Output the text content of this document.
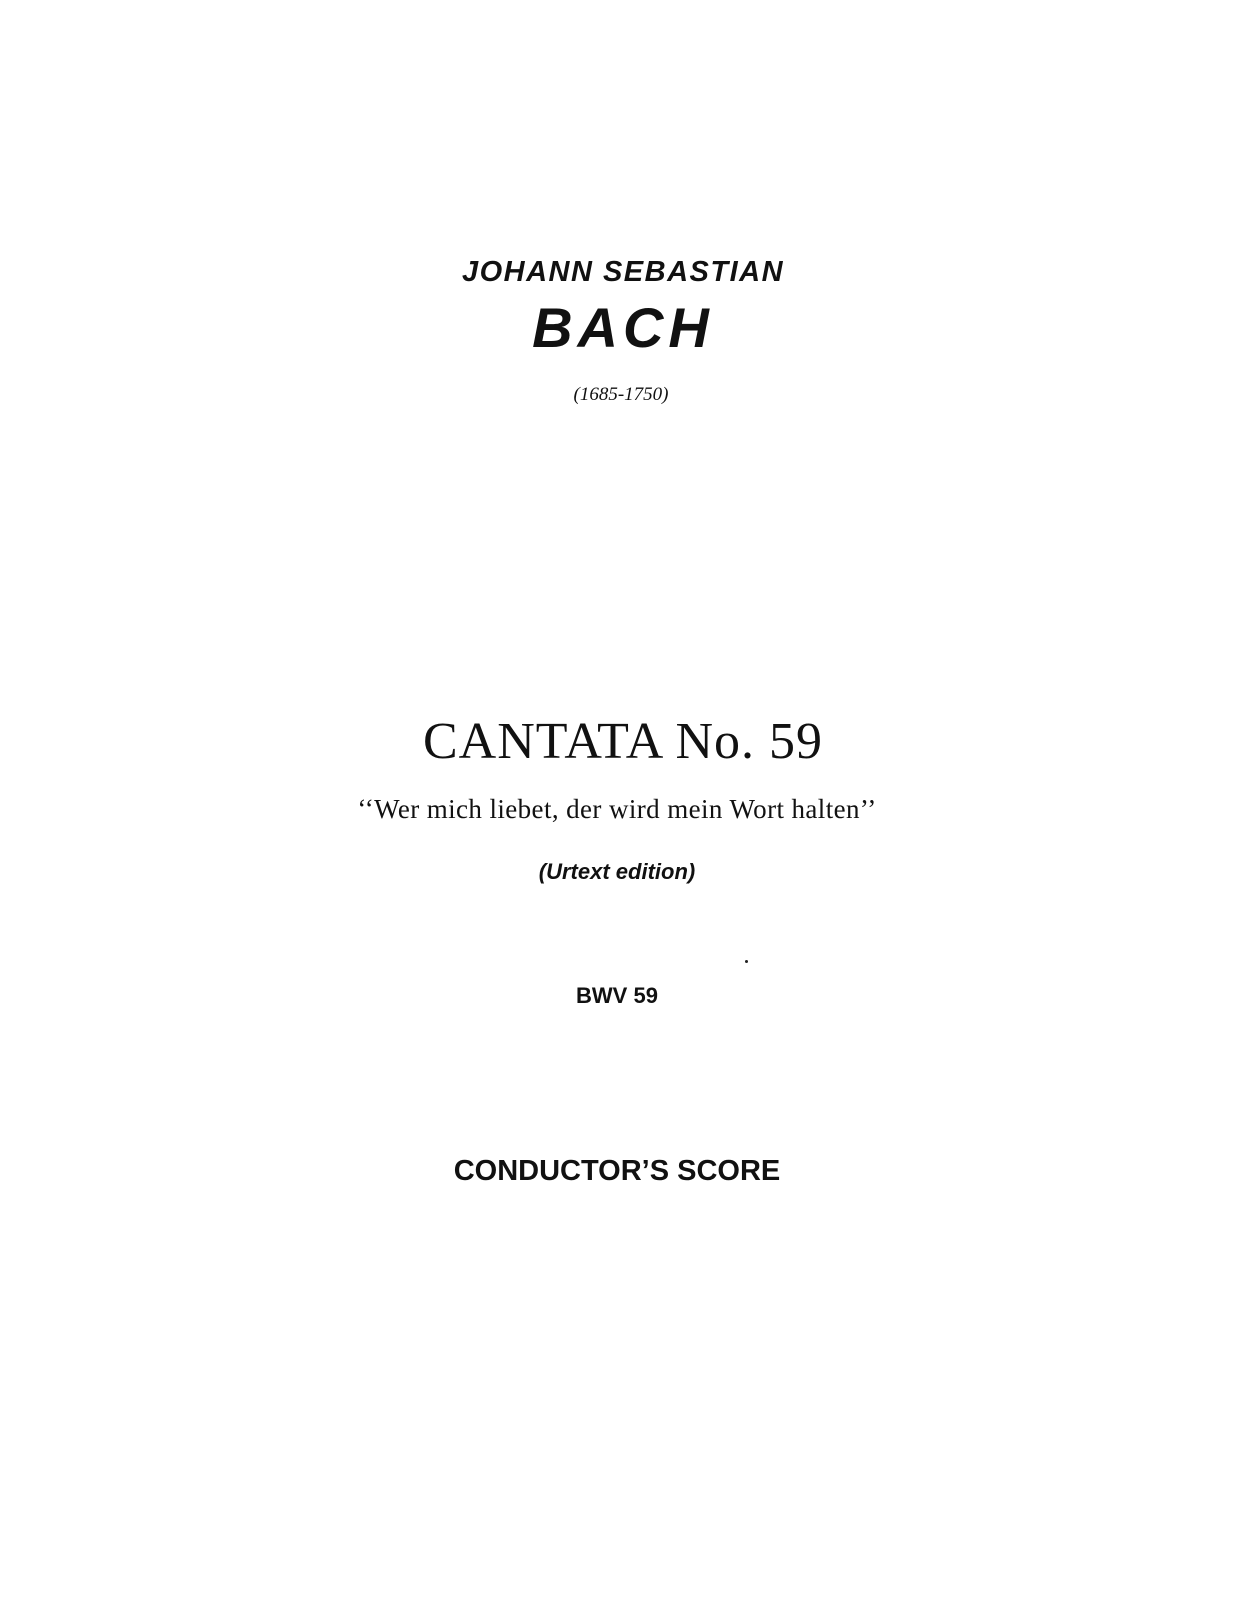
JOHANN SEBASTIAN
BACH
(1685-1750)
CANTATA No. 59
‘‘Wer mich liebet, der wird mein Wort halten’’
(Urtext edition)
BWV 59
CONDUCTOR’S SCORE
